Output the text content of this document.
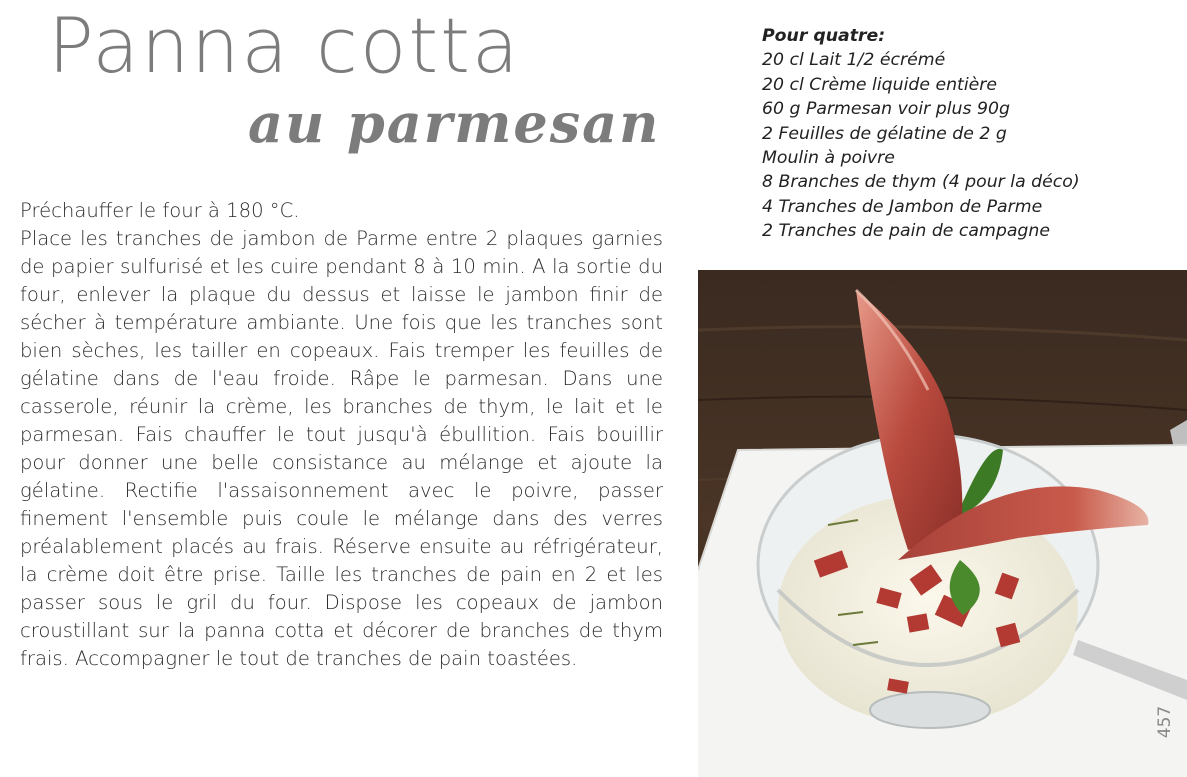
Panna cotta
au parmesan
Pour quatre:
20 cl Lait 1/2 écrémé
20 cl Crème liquide entière
60 g Parmesan voir plus 90g
2 Feuilles de gélatine de 2 g
Moulin à poivre
8 Branches de thym (4 pour la déco)
4 Tranches de Jambon de Parme
2 Tranches de pain de campagne

Préchauffer le four à 180 °C.

Place les tranches de jambon de Parme entre 2 plaques garnies de papier sulfurisé et les cuire pendant 8 à 10 min. A la sortie du four, enlever la plaque du dessus et laisse le jambon finir de sécher à température ambiante. Une fois que les tranches sont bien sèches, les tailler en copeaux. Fais tremper les feuilles de gélatine dans de l'eau froide. Râpe le parmesan. Dans une casserole, réunir la crème, les branches de thym, le lait et le parmesan. Fais chauffer le tout jusqu'à ébullition. Fais bouillir pour donner une belle consistance au mélange et ajoute la gélatine. Rectifie l'assaisonnement avec le poivre, passer finement l'ensemble puis coule le mélange dans des verres préalablement placés au frais. Réserve ensuite au réfrigérateur, la crème doit être prise. Taille les tranches de pain en 2 et les passer sous le gril du four. Dispose les copeaux de jambon croustillant sur la panna cotta et décorer de branches de thym frais. Accompagner le tout de tranches de pain toastées.

457
